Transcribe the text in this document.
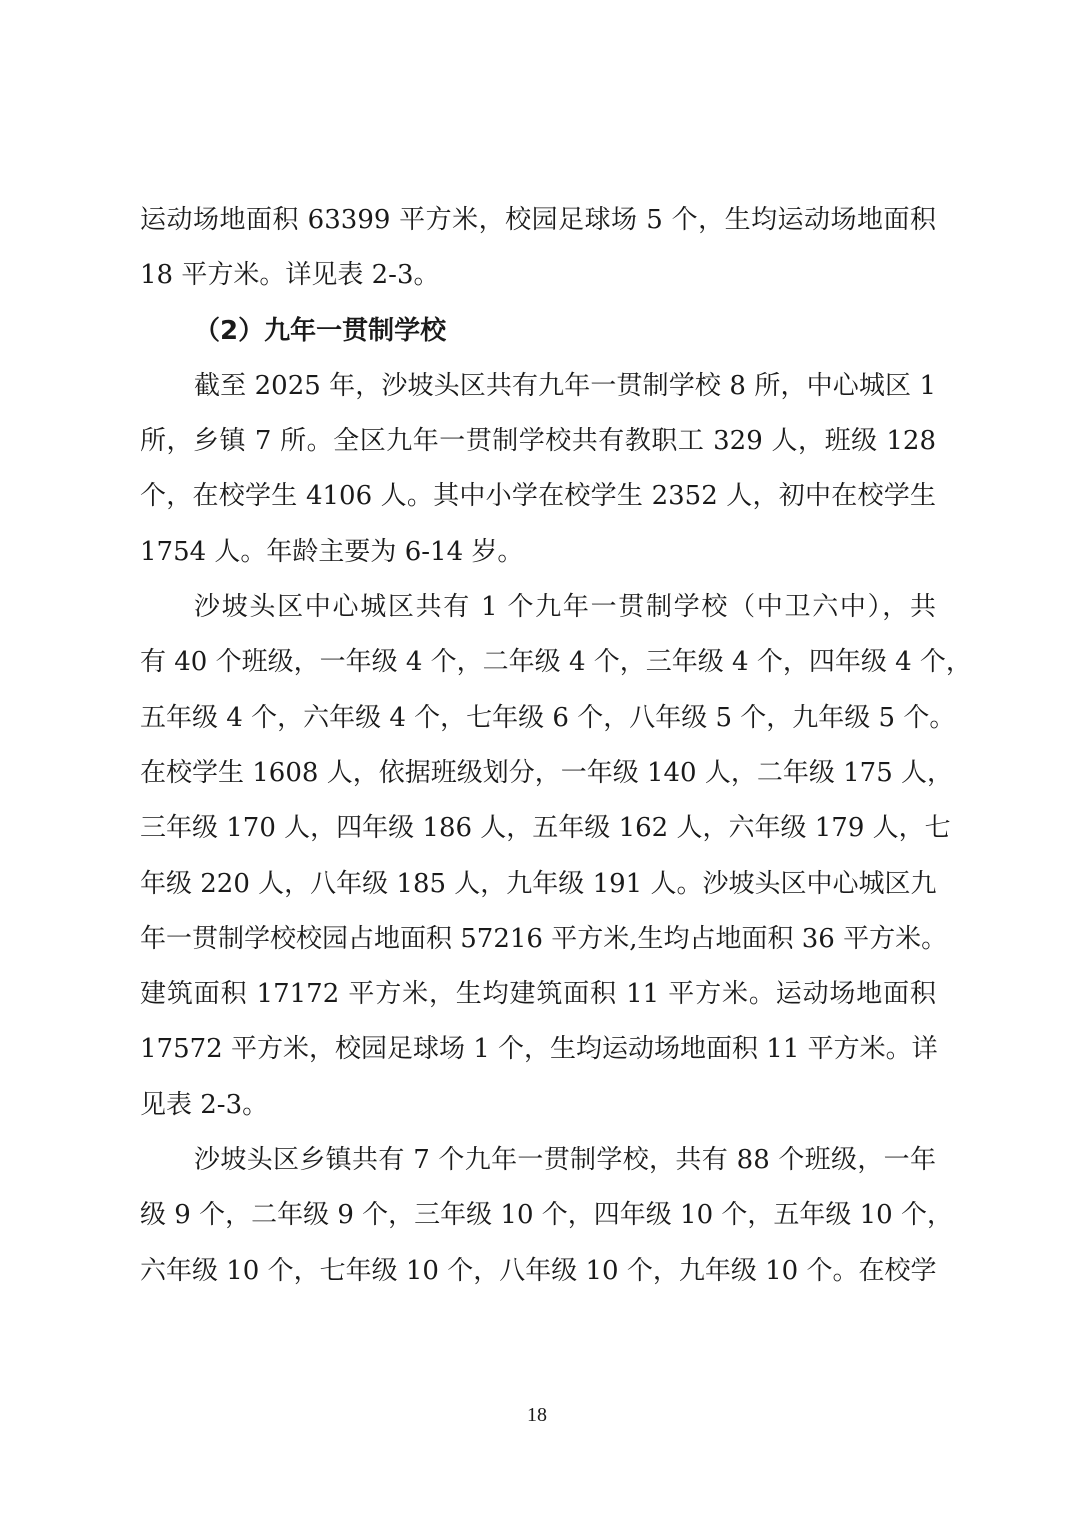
运动场地面积 63399 平方米，校园足球场 5 个，生均运动场地面积
18 平方米。详见表 2-3。
（2）九年一贯制学校
截至 2025 年，沙坡头区共有九年一贯制学校 8 所，中心城区 1
所，乡镇 7 所。全区九年一贯制学校共有教职工 329 人，班级 128
个，在校学生 4106 人。其中小学在校学生 2352 人，初中在校学生
1754 人。年龄主要为 6-14 岁。
沙坡头区中心城区共有 1 个九年一贯制学校（中卫六中），共
有 40 个班级，一年级 4 个，二年级 4 个，三年级 4 个，四年级 4 个，
五年级 4 个，六年级 4 个，七年级 6 个，八年级 5 个，九年级 5 个。
在校学生 1608 人，依据班级划分，一年级 140 人，二年级 175 人，
三年级 170 人，四年级 186 人，五年级 162 人，六年级 179 人，七
年级 220 人，八年级 185 人，九年级 191 人。沙坡头区中心城区九
年一贯制学校校园占地面积 57216 平方米,生均占地面积 36 平方米。
建筑面积 17172 平方米，生均建筑面积 11 平方米。运动场地面积
17572 平方米，校园足球场 1 个，生均运动场地面积 11 平方米。详
见表 2-3。
沙坡头区乡镇共有 7 个九年一贯制学校，共有 88 个班级，一年
级 9 个，二年级 9 个，三年级 10 个，四年级 10 个，五年级 10 个，
六年级 10 个，七年级 10 个，八年级 10 个，九年级 10 个。在校学
18
